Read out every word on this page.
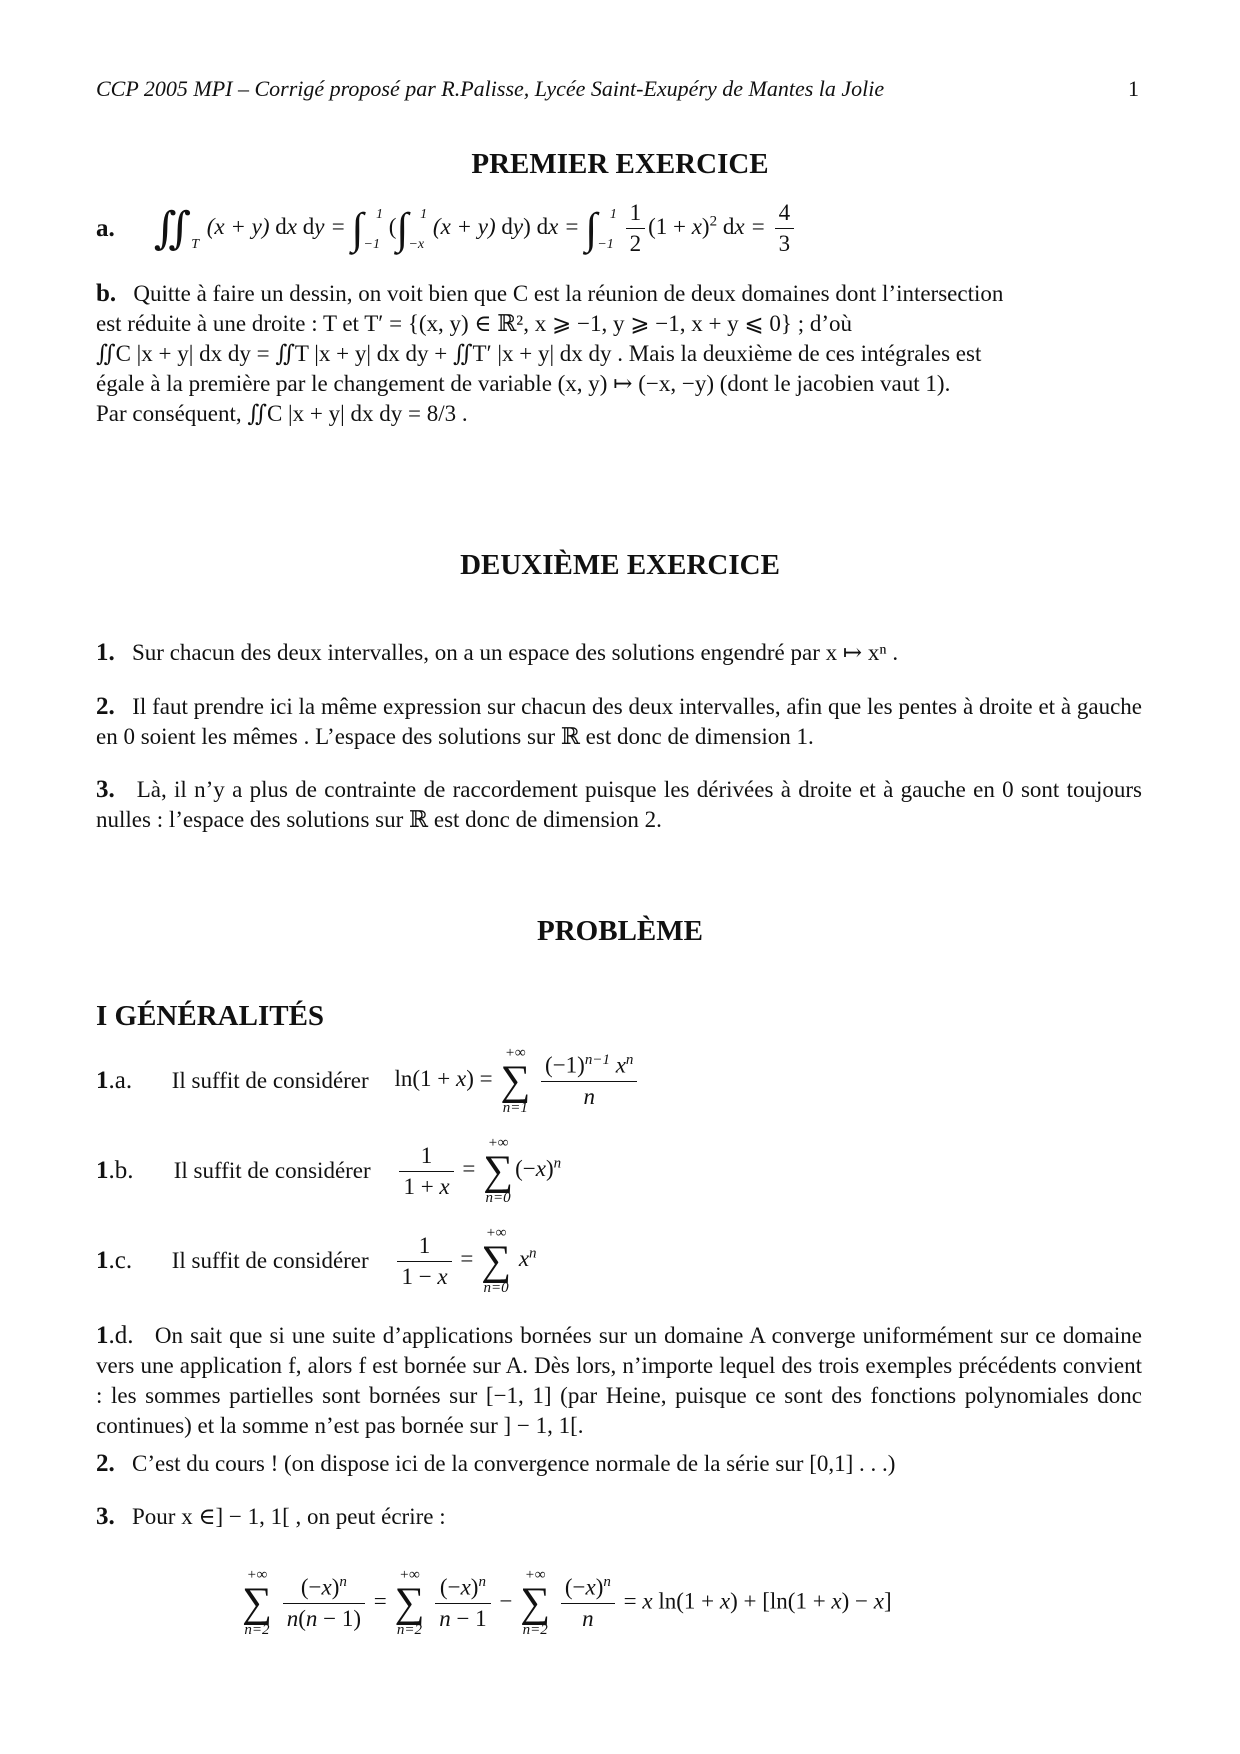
CCP 2005 MPI – Corrigé proposé par R.Palisse, Lycée Saint-Exupéry de Mantes la Jolie	1
PREMIER EXERCICE
a. $∬_T$ (x + y) dx dy = $\int_{-1}^1$ ($\int_{-x}^1$ (x + y) dy) dx = $\int_{-1}^1 \frac{1}{2} (1 + x)^2$ dx = $\frac{4}{3}$
b. Quitte à faire un dessin, on voit bien que C est la réunion de deux domaines dont l’intersection
est réduite à une droite : T et T′ = {(x, y) ∈ ℝ², x ⩾ −1, y ⩾ −1, x + y ⩽ 0} ; d’où
∬C |x + y| dx dy = ∬T |x + y| dx dy + ∬T′ |x + y| dx dy . Mais la deuxième de ces intégrales est
égale à la première par le changement de variable (x, y) ↦ (−x, −y) (dont le jacobien vaut 1).
Par conséquent, ∬C |x + y| dx dy = 8/3 .
DEUXIÈME EXERCICE
1. Sur chacun des deux intervalles, on a un espace des solutions engendré par x ↦ xⁿ .
2. Il faut prendre ici la même expression sur chacun des deux intervalles, afin que les pentes à droite et à gauche en 0 soient les mêmes . L’espace des solutions sur ℝ est donc de dimension 1.
3. Là, il n’y a plus de contrainte de raccordement puisque les dérivées à droite et à gauche en 0 sont toujours nulles : l’espace des solutions sur ℝ est donc de dimension 2.
PROBLÈME
I GÉNÉRALITÉS
1.a. Il suffit de considérer ln(1 + x) =
+∞
∑
n=1
$\frac{(-1)^{n-1} x^n}{n}$
1.b. Il suffit de considérer $\frac{1}{1 + x}$ =
+∞
∑
n=0
$(-x)^n$
1.c. Il suffit de considérer $\frac{1}{1 - x}$ =
+∞
∑
n=0
$x^n$
1.d. On sait que si une suite d’applications bornées sur un domaine A converge uniformément sur ce domaine vers une application f, alors f est bornée sur A. Dès lors, n’importe lequel des trois exemples précédents convient : les sommes partielles sont bornées sur [−1, 1] (par Heine, puisque ce sont des fonctions polynomiales donc continues) et la somme n’est pas bornée sur ] − 1, 1[.
2. C’est du cours ! (on dispose ici de la convergence normale de la série sur [0,1] . . .)
3. Pour x ∈] − 1, 1[ , on peut écrire :
+∞
∑
n=2
$\frac{(-x)^n}{n(n - 1)}$ =
+∞
∑
n=2
$\frac{(-x)^n}{n - 1}$ −
+∞
∑
n=2
$\frac{(-x)^n}{n} = x$ ln(1 + x) + [ln(1 + x) − x]
